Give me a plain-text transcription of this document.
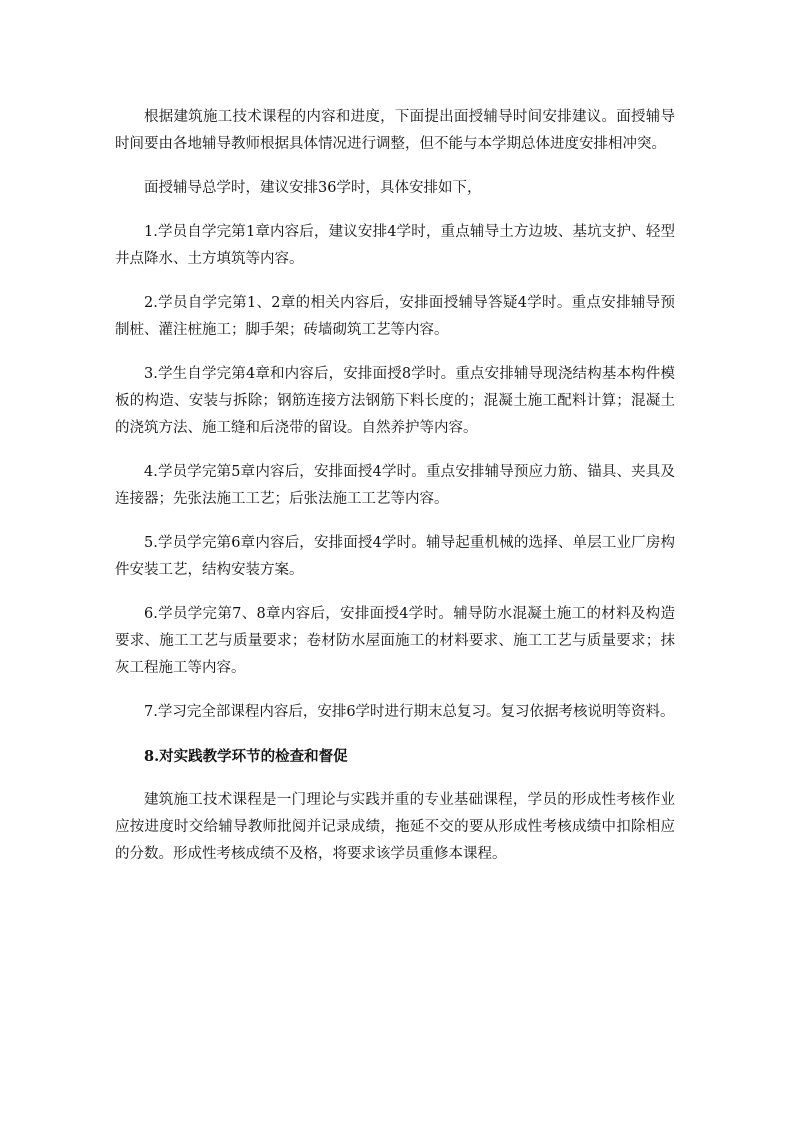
根据建筑施工技术课程的内容和进度，下面提出面授辅导时间安排建议。面授辅导时间要由各地辅导教师根据具体情况进行调整，但不能与本学期总体进度安排相冲突。

面授辅导总学时，建议安排36学时，具体安排如下，

1.学员自学完第1章内容后，建议安排4学时，重点辅导土方边坡、基坑支护、轻型井点降水、土方填筑等内容。

2.学员自学完第1、2章的相关内容后，安排面授辅导答疑4学时。重点安排辅导预制桩、灌注桩施工；脚手架；砖墙砌筑工艺等内容。

3.学生自学完第4章和内容后，安排面授8学时。重点安排辅导现浇结构基本构件模板的构造、安装与拆除；钢筋连接方法钢筋下料长度的；混凝土施工配料计算；混凝土的浇筑方法、施工缝和后浇带的留设。自然养护等内容。

4.学员学完第5章内容后，安排面授4学时。重点安排辅导预应力筋、锚具、夹具及连接器；先张法施工工艺；后张法施工工艺等内容。

5.学员学完第6章内容后，安排面授4学时。辅导起重机械的选择、单层工业厂房构件安装工艺，结构安装方案。

6.学员学完第7、8章内容后，安排面授4学时。辅导防水混凝土施工的材料及构造要求、施工工艺与质量要求；卷材防水屋面施工的材料要求、施工工艺与质量要求；抹灰工程施工等内容。

7.学习完全部课程内容后，安排6学时进行期末总复习。复习依据考核说明等资料。

8.对实践教学环节的检查和督促

建筑施工技术课程是一门理论与实践并重的专业基础课程，学员的形成性考核作业应按进度时交给辅导教师批阅并记录成绩，拖延不交的要从形成性考核成绩中扣除相应的分数。形成性考核成绩不及格，将要求该学员重修本课程。
